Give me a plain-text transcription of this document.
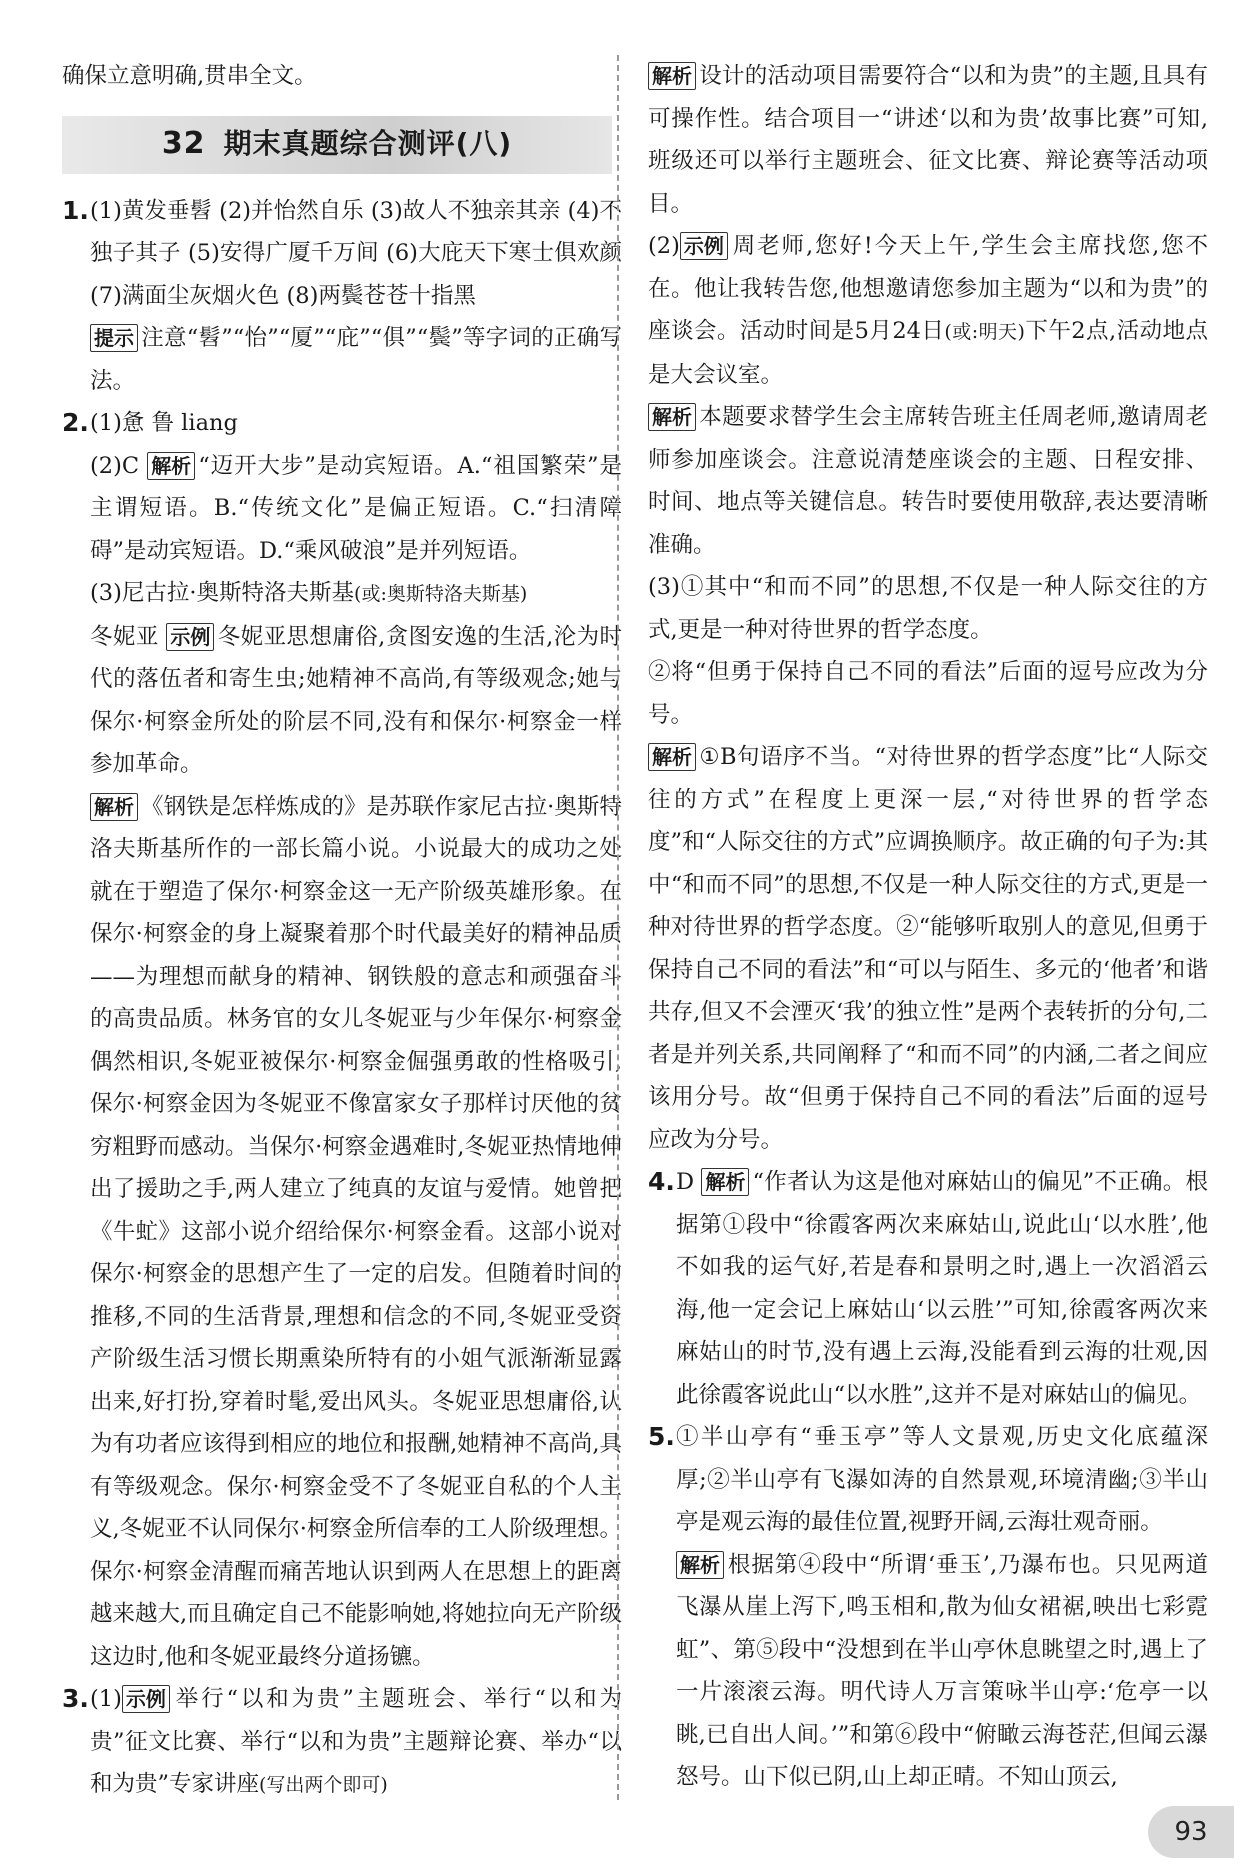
确保立意明确,贯串全文。

32 期末真题综合测评(八)
1. (1)黄发垂髫 (2)并怡然自乐 (3)故人不独亲其亲 (4)不独子其子 (5)安得广厦千万间 (6)大庇天下寒士俱欢颜 (7)满面尘灰烟火色 (8)两鬓苍苍十指黑

提示 注意“髫”“怡”“厦”“庇”“俱”“鬓”等字词的正确写法。

2. (1)惫 鲁 liang

(2)C 解析 “迈开大步”是动宾短语。A.“祖国繁荣”是主谓短语。B.“传统文化”是偏正短语。C.“扫清障碍”是动宾短语。D.“乘风破浪”是并列短语。

(3)尼古拉·奥斯特洛夫斯基(或:奥斯特洛夫斯基)

冬妮亚 示例 冬妮亚思想庸俗,贪图安逸的生活,沦为时代的落伍者和寄生虫;她精神不高尚,有等级观念;她与保尔·柯察金所处的阶层不同,没有和保尔·柯察金一样参加革命。

解析 《钢铁是怎样炼成的》是苏联作家尼古拉·奥斯特洛夫斯基所作的一部长篇小说。小说最大的成功之处就在于塑造了保尔·柯察金这一无产阶级英雄形象。在保尔·柯察金的身上凝聚着那个时代最美好的精神品质——为理想而献身的精神、钢铁般的意志和顽强奋斗的高贵品质。林务官的女儿冬妮亚与少年保尔·柯察金偶然相识,冬妮亚被保尔·柯察金倔强勇敢的性格吸引,保尔·柯察金因为冬妮亚不像富家女子那样讨厌他的贫穷粗野而感动。当保尔·柯察金遇难时,冬妮亚热情地伸出了援助之手,两人建立了纯真的友谊与爱情。她曾把《牛虻》这部小说介绍给保尔·柯察金看。这部小说对保尔·柯察金的思想产生了一定的启发。但随着时间的推移,不同的生活背景,理想和信念的不同,冬妮亚受资产阶级生活习惯长期熏染所特有的小姐气派渐渐显露出来,好打扮,穿着时髦,爱出风头。冬妮亚思想庸俗,认为有功者应该得到相应的地位和报酬,她精神不高尚,具有等级观念。保尔·柯察金受不了冬妮亚自私的个人主义,冬妮亚不认同保尔·柯察金所信奉的工人阶级理想。保尔·柯察金清醒而痛苦地认识到两人在思想上的距离越来越大,而且确定自己不能影响她,将她拉向无产阶级这边时,他和冬妮亚最终分道扬镳。

3. (1) 示例 举行“以和为贵”主题班会、举行“以和为贵”征文比赛、举行“以和为贵”主题辩论赛、举办“以和为贵”专家讲座(写出两个即可)

解析 设计的活动项目需要符合“以和为贵”的主题,且具有可操作性。结合项目一“讲述‘以和为贵’故事比赛”可知,班级还可以举行主题班会、征文比赛、辩论赛等活动项目。

(2) 示例 周老师,您好!今天上午,学生会主席找您,您不在。他让我转告您,他想邀请您参加主题为“以和为贵”的座谈会。活动时间是5月24日(或:明天)下午2点,活动地点是大会议室。

解析 本题要求替学生会主席转告班主任周老师,邀请周老师参加座谈会。注意说清楚座谈会的主题、日程安排、时间、地点等关键信息。转告时要使用敬辞,表达要清晰准确。

(3)①其中“和而不同”的思想,不仅是一种人际交往的方式,更是一种对待世界的哲学态度。

②将“但勇于保持自己不同的看法”后面的逗号应改为分号。

解析 ①B句语序不当。“对待世界的哲学态度”比“人际交往的方式”在程度上更深一层,“对待世界的哲学态度”和“人际交往的方式”应调换顺序。故正确的句子为:其中“和而不同”的思想,不仅是一种人际交往的方式,更是一种对待世界的哲学态度。②“能够听取别人的意见,但勇于保持自己不同的看法”和“可以与陌生、多元的‘他者’和谐共存,但又不会湮灭‘我’的独立性”是两个表转折的分句,二者是并列关系,共同阐释了“和而不同”的内涵,二者之间应该用分号。故“但勇于保持自己不同的看法”后面的逗号应改为分号。

4. D 解析 “作者认为这是他对麻姑山的偏见”不正确。根据第①段中“徐霞客两次来麻姑山,说此山‘以水胜’,他不如我的运气好,若是春和景明之时,遇上一次滔滔云海,他一定会记上麻姑山‘以云胜’”可知,徐霞客两次来麻姑山的时节,没有遇上云海,没能看到云海的壮观,因此徐霞客说此山“以水胜”,这并不是对麻姑山的偏见。

5. ①半山亭有“垂玉亭”等人文景观,历史文化底蕴深厚;②半山亭有飞瀑如涛的自然景观,环境清幽;③半山亭是观云海的最佳位置,视野开阔,云海壮观奇丽。

解析 根据第④段中“所谓‘垂玉’,乃瀑布也。只见两道飞瀑从崖上泻下,鸣玉相和,散为仙女裙裾,映出七彩霓虹”、第⑤段中“没想到在半山亭休息眺望之时,遇上了一片滚滚云海。明代诗人万言策咏半山亭:‘危亭一以眺,已自出人间。’”和第⑥段中“俯瞰云海苍茫,但闻云瀑怒号。山下似已阴,山上却正晴。不知山顶云,

93
